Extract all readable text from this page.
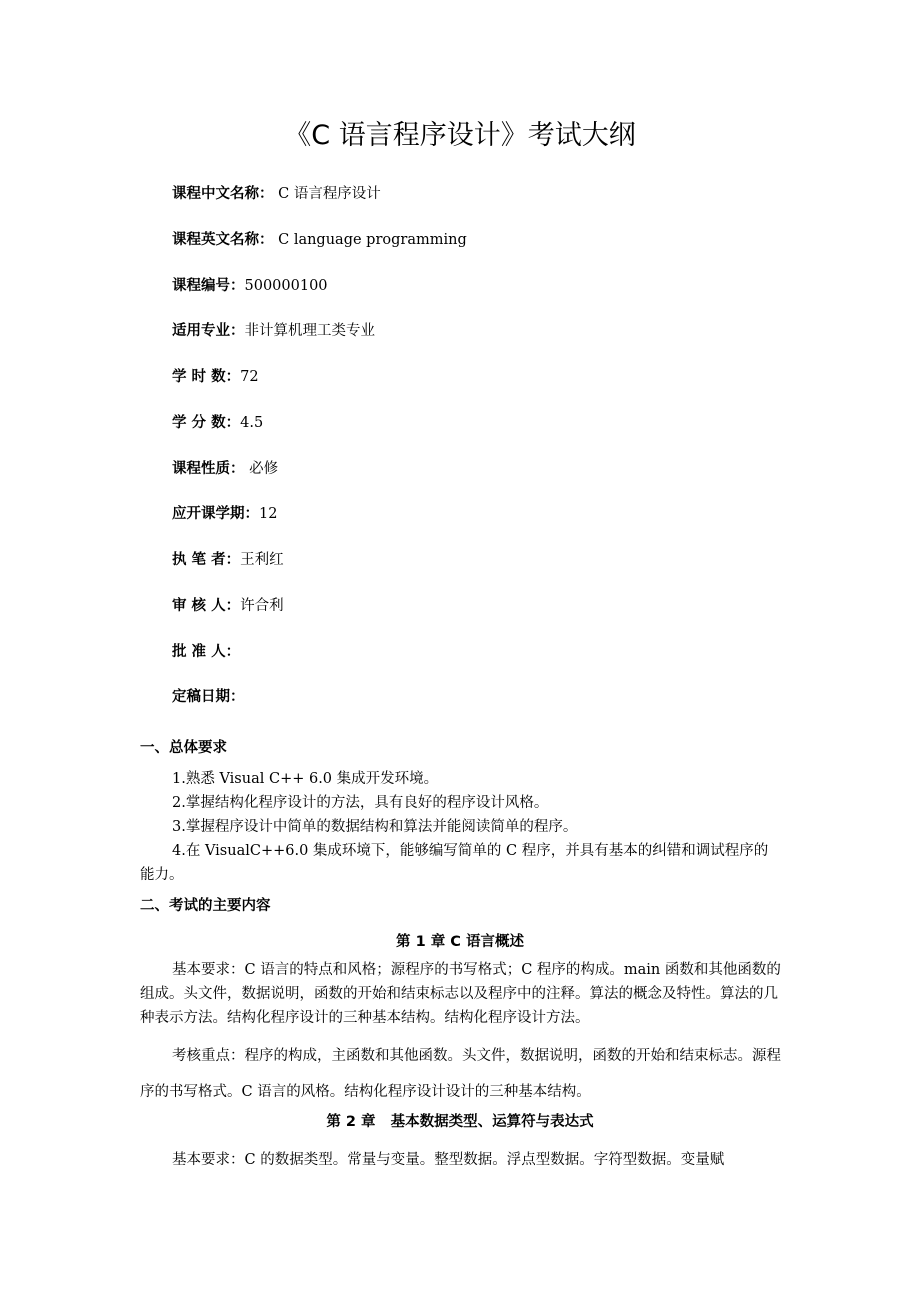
《C 语言程序设计》考试大纲
课程中文名称： C 语言程序设计
课程英文名称： C language programming
课程编号：500000100
适用专业：非计算机理工类专业
学 时 数：72
学 分 数：4.5
课程性质： 必修
应开课学期：12
执 笔 者：王利红
审 核 人：许合利
批 准 人：
定稿日期：
一、总体要求

1.熟悉 Visual C++ 6.0 集成开发环境。

2.掌握结构化程序设计的方法，具有良好的程序设计风格。

3.掌握程序设计中简单的数据结构和算法并能阅读简单的程序。

4.在 VisualC++6.0 集成环境下，能够编写简单的 C 程序，并具有基本的纠错和调试程序的能力。

二、考试的主要内容
第 1 章 C 语言概述

基本要求：C 语言的特点和风格；源程序的书写格式；C 程序的构成。main 函数和其他函数的组成。头文件，数据说明，函数的开始和结束标志以及程序中的注释。算法的概念及特性。算法的几种表示方法。结构化程序设计的三种基本结构。结构化程序设计方法。

考核重点：程序的构成，主函数和其他函数。头文件，数据说明，函数的开始和结束标志。源程序的书写格式。C 语言的风格。结构化程序设计设计的三种基本结构。

第 2 章   基本数据类型、运算符与表达式

基本要求：C 的数据类型。常量与变量。整型数据。浮点型数据。字符型数据。变量赋
